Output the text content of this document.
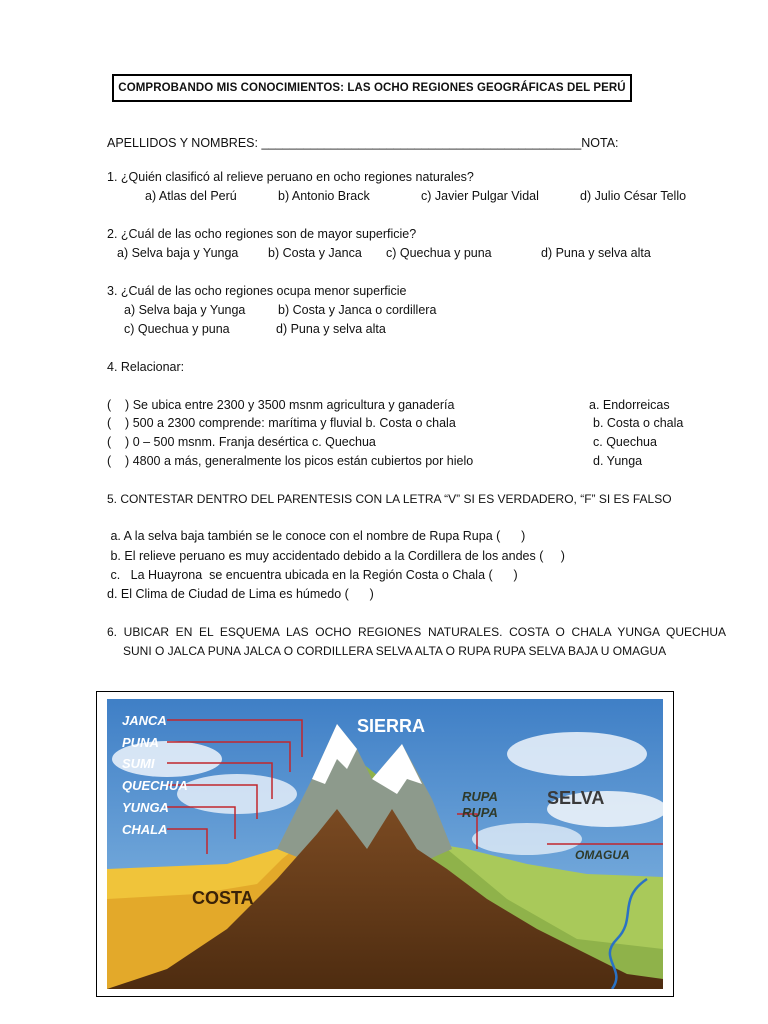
COMPROBANDO MIS CONOCIMIENTOS: LAS OCHO REGIONES GEOGRÁFICAS DEL PERÚ
APELLIDOS Y NOMBRES: ______________________________________________NOTA:
1. ¿Quién clasificó al relieve peruano en ocho regiones naturales?
a) Atlas del Perú	b) Antonio Brack	c) Javier Pulgar Vidal	d) Julio César Tello
2. ¿Cuál de las ocho regiones son de mayor superficie?
a) Selva baja y Yunga b) Costa y Janca c) Quechua y puna	d) Puna y selva alta
3. ¿Cuál de las ocho regiones ocupa menor superficie
a) Selva baja y Yunga	b) Costa y Janca o cordillera
c) Quechua y puna	d) Puna y selva alta
4. Relacionar:
(    ) Se ubica entre 2300 y 3500 msnm agricultura y ganadería	a. Endorreicas
(    ) 500 a 2300 comprende: marítima y fluvial b. Costa o chala	b. Costa o chala
(    ) 0 – 500 msnm. Franja desértica c. Quechua	c. Quechua
(    ) 4800 a más, generalmente los picos están cubiertos por hielo	d. Yunga
5. CONTESTAR DENTRO DEL PARENTESIS CON LA LETRA “V” SI ES VERDADERO, “F” SI ES FALSO
a. A la selva baja también se le conoce con el nombre de Rupa Rupa (      )
b. El relieve peruano es muy accidentado debido a la Cordillera de los andes (     )
c.   La Huayrona  se encuentra ubicada en la Región Costa o Chala (      )
d. El Clima de Ciudad de Lima es húmedo (      )
6.  UBICAR  EN  EL  ESQUEMA  LAS  OCHO  REGIONES  NATURALES.  COSTA  O  CHALA  YUNGA  QUECHUA
SUNI O JALCA PUNA JALCA O CORDILLERA SELVA ALTA O RUPA RUPA SELVA BAJA U OMAGUA
JANCA
PUNA
SUMI
QUECHUA
YUNGA
CHALA
RUPA
RUPA
OMAGUA
SIERRA
COSTA
SELVA
